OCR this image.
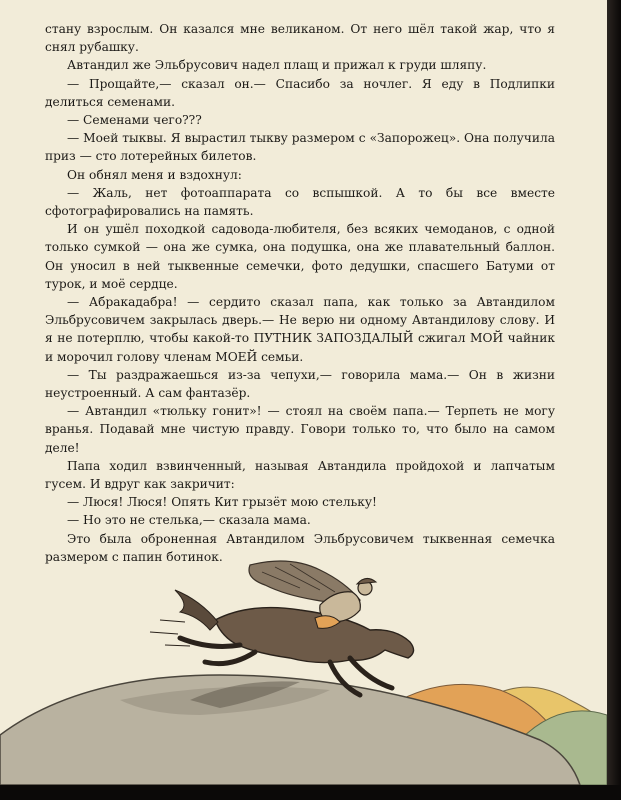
стану взрослым. Он казался мне великаном. От него шёл такой жар, что я снял рубашку.

Автандил же Эльбрусович надел плащ и прижал к груди шляпу.

— Прощайте,— сказал он.— Спасибо за ночлег. Я еду в Подлипки делиться семенами.

— Семенами чего???

— Моей тыквы. Я вырастил тыкву размером с «Запорожец». Она получила приз — сто лотерейных билетов.

Он обнял меня и вздохнул:

— Жаль, нет фотоаппарата со вспышкой. А то бы все вместе сфотографировались на память.

И он ушёл походкой садовода-любителя, без всяких чемоданов, с одной только сумкой — она же сумка, она подушка, она же плавательный баллон. Он уносил в ней тыквенные семечки, фото дедушки, спасшего Батуми от турок, и моё сердце.

— Абракадабра! — сердито сказал папа, как только за Автандилом Эльбрусовичем закрылась дверь.— Не верю ни одному Автандилову слову. И я не потерплю, чтобы какой-то ПУТНИК ЗАПОЗДАЛЫЙ сжигал МОЙ чайник и морочил голову членам МОЕЙ семьи.

— Ты раздражаешься из-за чепухи,— говорила мама.— Он в жизни неустроенный. А сам фантазёр.

— Автандил «тюльку гонит»! — стоял на своём папа.— Терпеть не могу вранья. Подавай мне чистую правду. Говори только то, что было на самом деле!

Папа ходил взвинченный, называя Автандила пройдохой и лапчатым гусем. И вдруг как закричит:

— Люся! Люся! Опять Кит грызёт мою стельку!

— Но это не стелька,— сказала мама.

Это была оброненная Автандилом Эльбрусовичем тыквенная семечка размером с папин ботинок.
